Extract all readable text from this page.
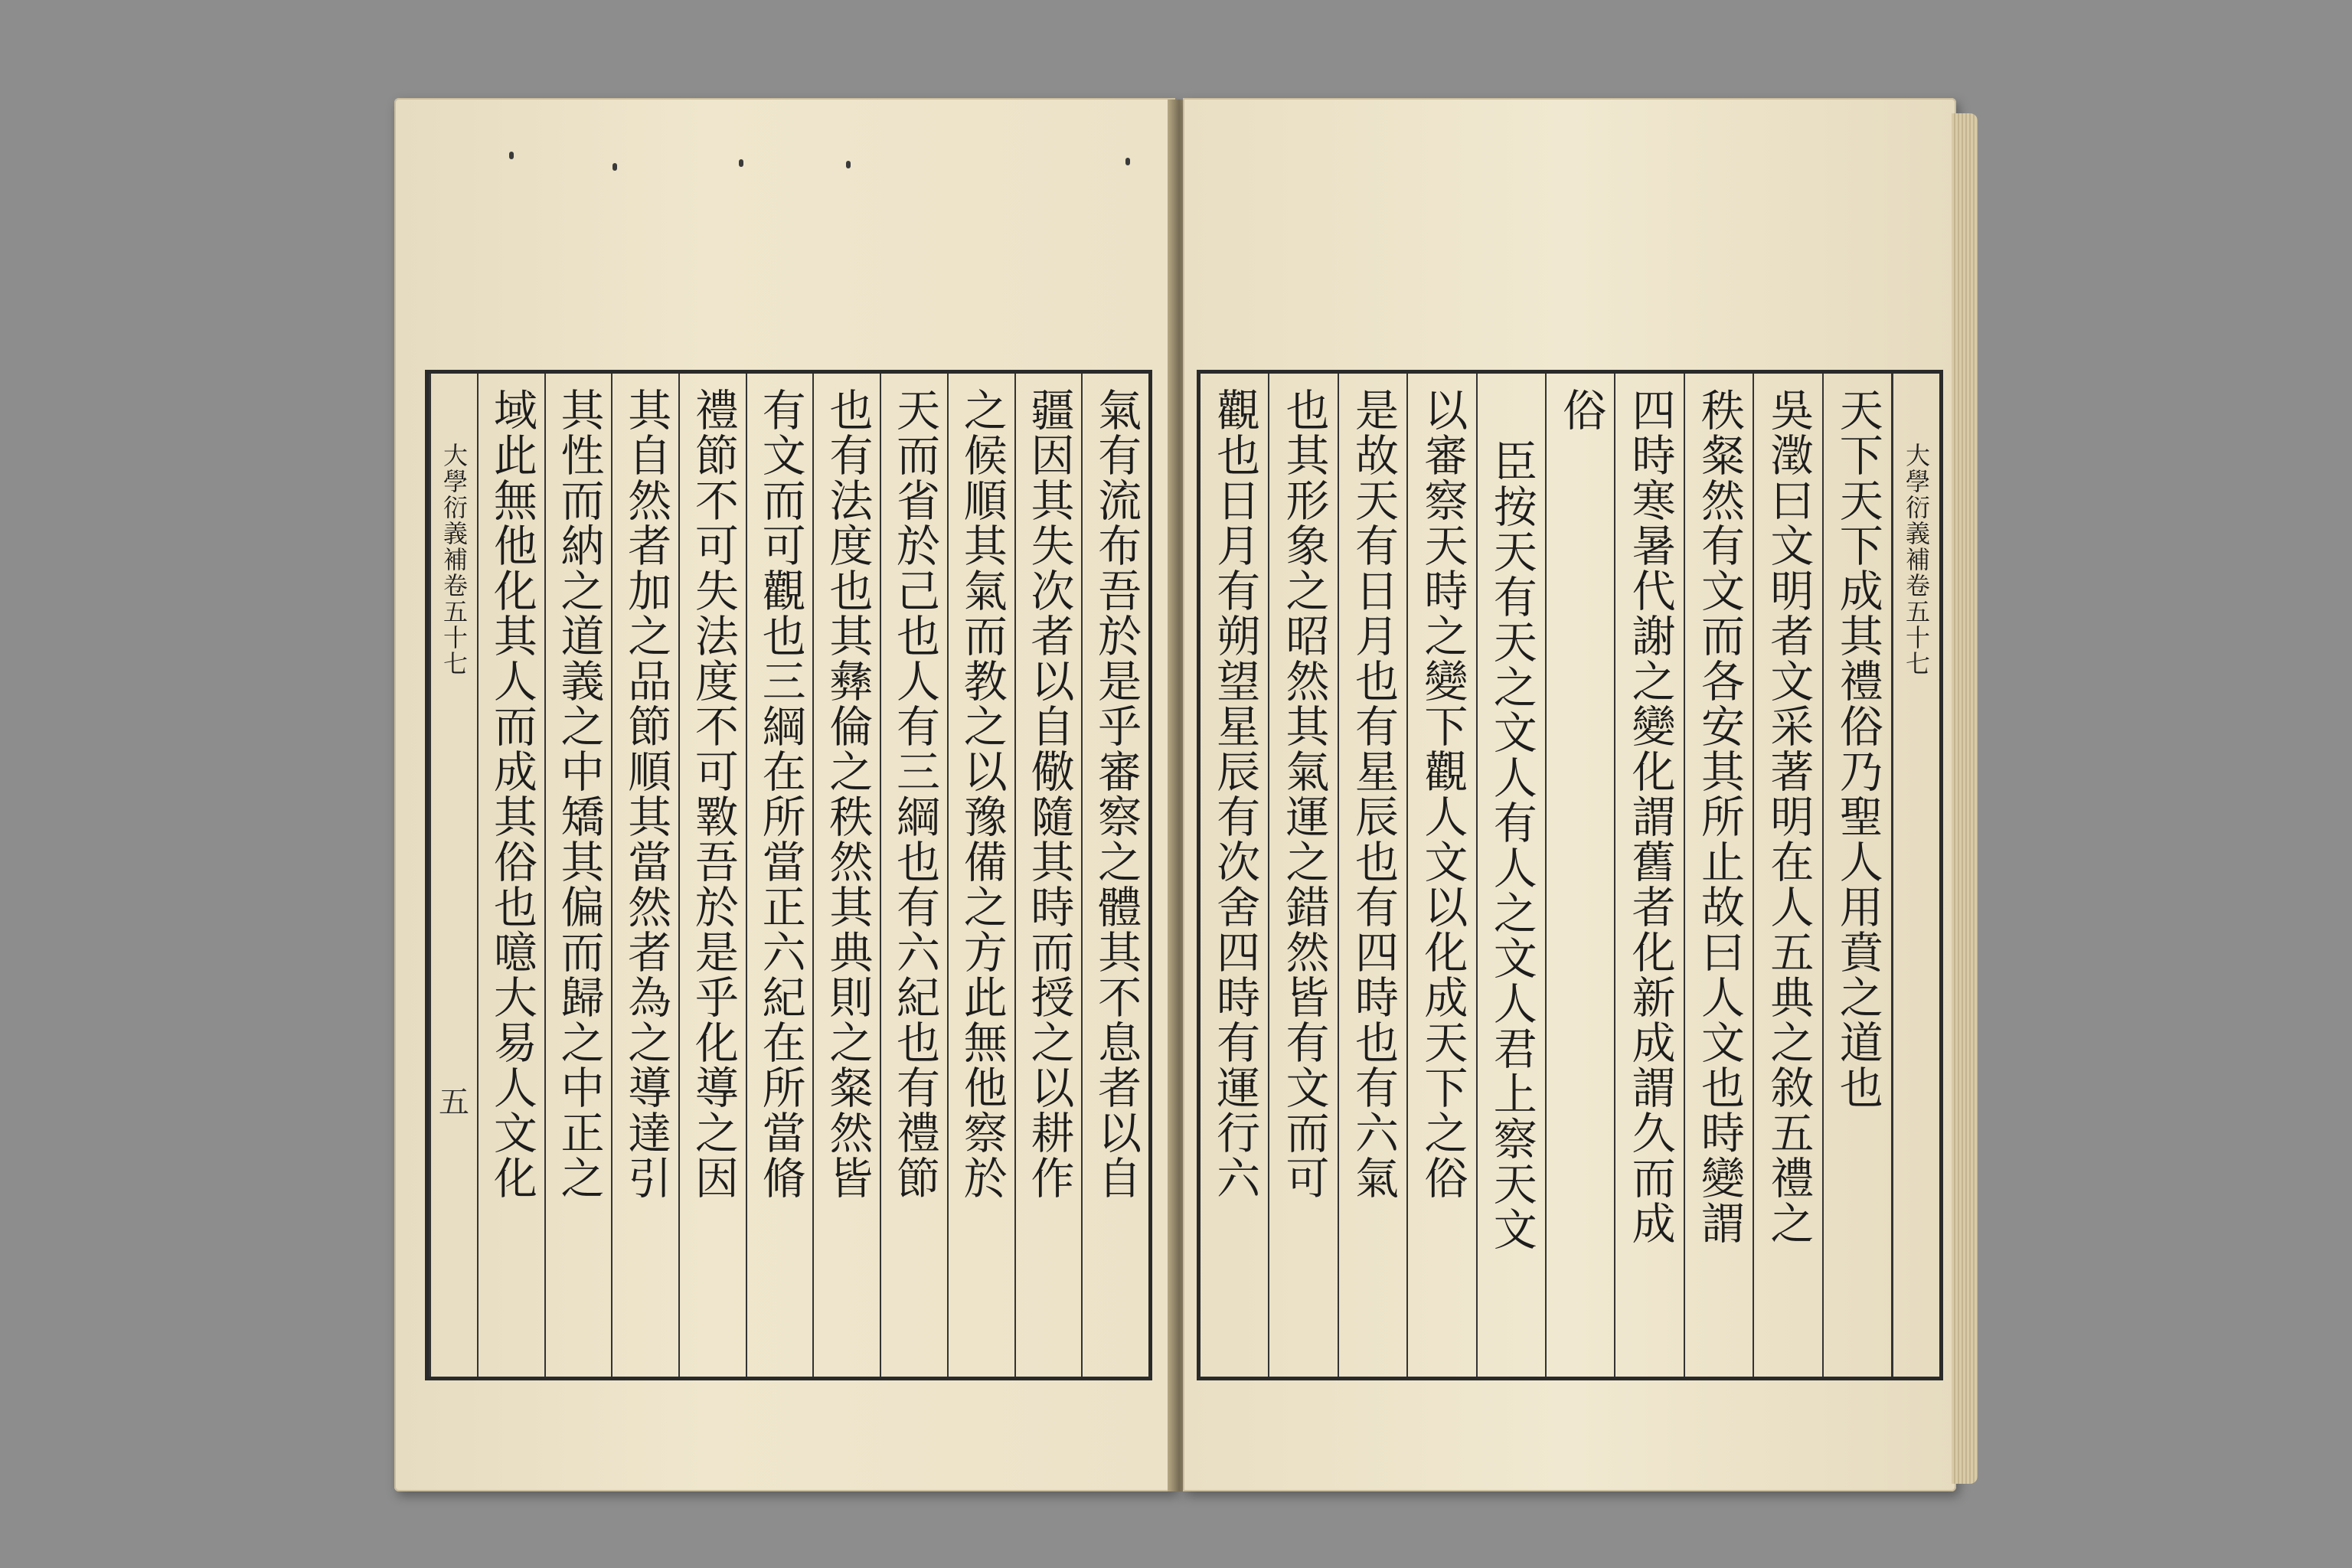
氣有流布吾於是乎審察之體其不息者以自
疆因其失次者以自儆隨其時而授之以耕作
之候順其氣而教之以豫備之方此無他察於
天而省於己也人有三綱也有六紀也有禮節
也有法度也其彝倫之秩然其典則之粲然皆
有文而可觀也三綱在所當正六紀在所當脩
禮節不可失法度不可斁吾於是乎化導之因
其自然者加之品節順其當然者為之導達引
其性而納之道義之中矯其偏而歸之中正之
域此無他化其人而成其俗也噫大易人文化
大學衍義補卷五十七
五
大學衍義補卷五十七
天下天下成其禮俗乃聖人用賁之道也
吳澂曰文明者文采著明在人五典之敘五禮之
秩粲然有文而各安其所止故曰人文也時變謂
四時寒暑代謝之變化謂舊者化新成謂久而成
俗
臣按天有天之文人有人之文人君上察天文
以審察天時之變下觀人文以化成天下之俗
是故天有日月也有星辰也有四時也有六氣
也其形象之昭然其氣運之錯然皆有文而可
觀也日月有朔望星辰有次舍四時有運行六
